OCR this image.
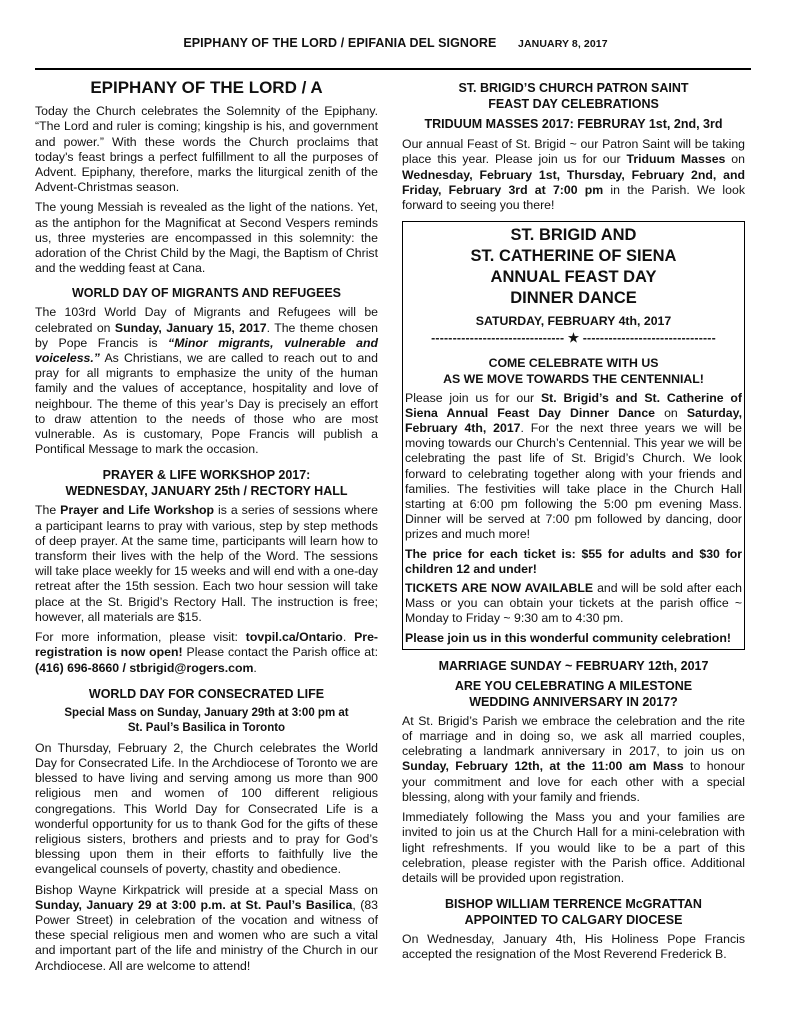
EPIPHANY OF THE LORD / EPIFANIA DEL SIGNORE JANUARY 8, 2017
EPIPHANY OF THE LORD / A

Today the Church celebrates the Solemnity of the Epiphany. “The Lord and ruler is coming; kingship is his, and government and power.” With these words the Church proclaims that today's feast brings a perfect fulfillment to all the purposes of Advent. Epiphany, therefore, marks the liturgical zenith of the Advent-Christmas season.

The young Messiah is revealed as the light of the nations. Yet, as the antiphon for the Magnificat at Second Vespers reminds us, three mysteries are encompassed in this solemnity: the adoration of the Christ Child by the Magi, the Baptism of Christ and the wedding feast at Cana.

WORLD DAY OF MIGRANTS AND REFUGEES

The 103rd World Day of Migrants and Refugees will be celebrated on Sunday, January 15, 2017. The theme chosen by Pope Francis is “Minor migrants, vulnerable and voiceless.” As Christians, we are called to reach out to and pray for all migrants to emphasize the unity of the human family and the values of acceptance, hospitality and love of neighbour. The theme of this year’s Day is precisely an effort to draw attention to the needs of those who are most vulnerable. As is customary, Pope Francis will publish a Pontifical Message to mark the occasion.

PRAYER & LIFE WORKSHOP 2017:
WEDNESDAY, JANUARY 25th / RECTORY HALL

The Prayer and Life Workshop is a series of sessions where a participant learns to pray with various, step by step methods of deep prayer. At the same time, participants will learn how to transform their lives with the help of the Word. The sessions will take place weekly for 15 weeks and will end with a one-day retreat after the 15th session. Each two hour session will take place at the St. Brigid’s Rectory Hall. The instruction is free; however, all materials are $15.

For more information, please visit: tovpil.ca/Ontario. Pre-registration is now open! Please contact the Parish office at: (416) 696-8660 / stbrigid@rogers.com.

WORLD DAY FOR CONSECRATED LIFE
Special Mass on Sunday, January 29th at 3:00 pm at
St. Paul’s Basilica in Toronto

On Thursday, February 2, the Church celebrates the World Day for Consecrated Life. In the Archdiocese of Toronto we are blessed to have living and serving among us more than 900 religious men and women of 100 different religious congregations. This World Day for Consecrated Life is a wonderful opportunity for us to thank God for the gifts of these religious sisters, brothers and priests and to pray for God’s blessing upon them in their efforts to faithfully live the evangelical counsels of poverty, chastity and obedience.

Bishop Wayne Kirkpatrick will preside at a special Mass on Sunday, January 29 at 3:00 p.m. at St. Paul’s Basilica, (83 Power Street) in celebration of the vocation and witness of these special religious men and women who are such a vital and important part of the life and ministry of the Church in our Archdiocese. All are welcome to attend!

ST. BRIGID’S CHURCH PATRON SAINT
FEAST DAY CELEBRATIONS
TRIDUUM MASSES 2017: FEBRURAY 1st, 2nd, 3rd

Our annual Feast of St. Brigid ~ our Patron Saint will be taking place this year. Please join us for our Triduum Masses on Wednesday, February 1st, Thursday, February 2nd, and Friday, February 3rd at 7:00 pm in the Parish. We look forward to seeing you there!

ST. BRIGID AND
ST. CATHERINE OF SIENA
ANNUAL FEAST DAY
DINNER DANCE
SATURDAY, FEBRUARY 4th, 2017
------------------------------- ★ -------------------------------
COME CELEBRATE WITH US
AS WE MOVE TOWARDS THE CENTENNIAL!

Please join us for our St. Brigid’s and St. Catherine of Siena Annual Feast Day Dinner Dance on Saturday, February 4th, 2017. For the next three years we will be moving towards our Church’s Centennial. This year we will be celebrating the past life of St. Brigid’s Church. We look forward to celebrating together along with your friends and families. The festivities will take place in the Church Hall starting at 6:00 pm following the 5:00 pm evening Mass. Dinner will be served at 7:00 pm followed by dancing, door prizes and much more!

The price for each ticket is: $55 for adults and $30 for children 12 and under!

TICKETS ARE NOW AVAILABLE and will be sold after each Mass or you can obtain your tickets at the parish office ~ Monday to Friday ~ 9:30 am to 4:30 pm.

Please join us in this wonderful community celebration!

MARRIAGE SUNDAY ~ FEBRUARY 12th, 2017
ARE YOU CELEBRATING A MILESTONE
WEDDING ANNIVERSARY IN 2017?

At St. Brigid’s Parish we embrace the celebration and the rite of marriage and in doing so, we ask all married couples, celebrating a landmark anniversary in 2017, to join us on Sunday, February 12th, at the 11:00 am Mass to honour your commitment and love for each other with a special blessing, along with your family and friends.

Immediately following the Mass you and your families are invited to join us at the Church Hall for a mini-celebration with light refreshments. If you would like to be a part of this celebration, please register with the Parish office. Additional details will be provided upon registration.

BISHOP WILLIAM TERRENCE McGRATTAN
APPOINTED TO CALGARY DIOCESE

On Wednesday, January 4th, His Holiness Pope Francis accepted the resignation of the Most Reverend Frederick B.
